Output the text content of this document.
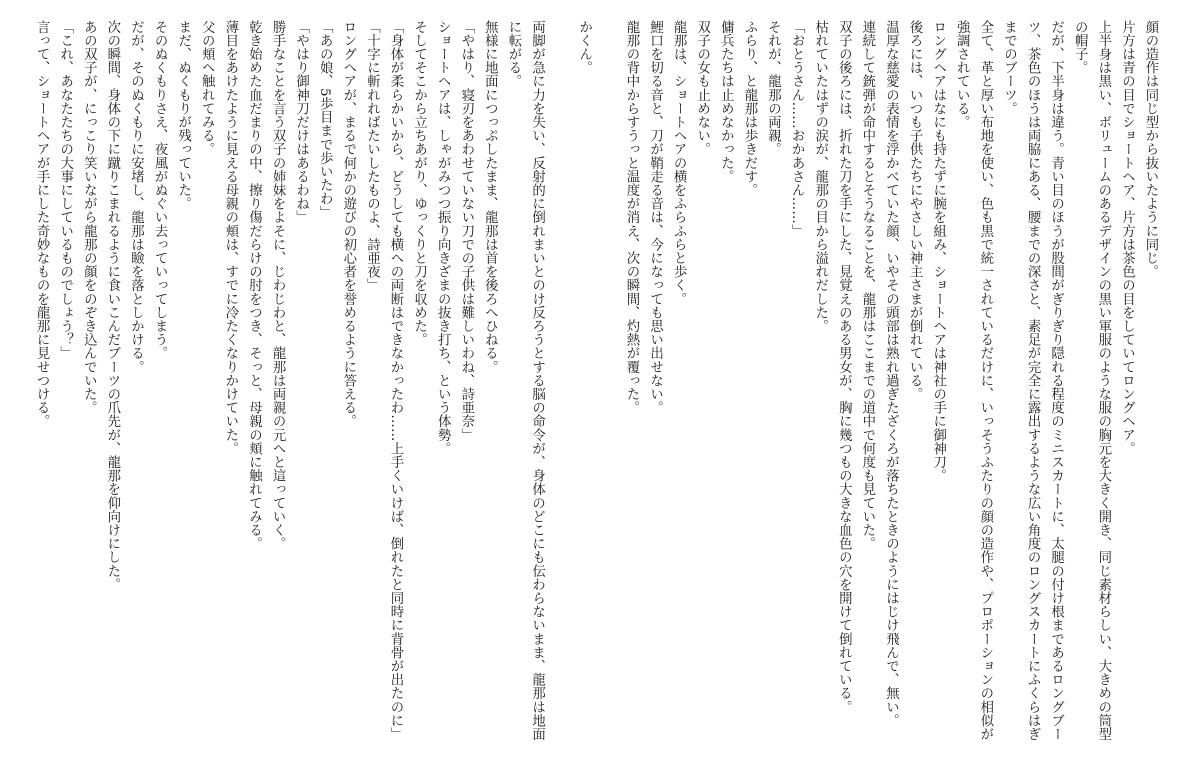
顔の造作は同じ型から抜いたように同じ。

片方は青の目でショートヘア、片方は茶色の目をしていてロングヘア。

上半身は黒い、ボリュームのあるデザインの黒い軍服のような服の胸元を大きく開き、同じ素材らしい、大きめの筒型の帽子。

だが、下半身は違う。青い目のほうが股間がぎりぎり隠れる程度のミニスカートに、太腿の付け根まであるロングブーツ、茶色のほうは両脇にある、腰までの深さと、素足が完全に露出するような広い角度のロングスカートにふくらはぎまでのブーツ。

全て、革と厚い布地を使い、色も黒で統一されているだけに、いっそうふたりの顔の造作や、プロポーションの相似が強調されている。

ロングヘアはなにも持たずに腕を組み、ショートヘアは神社の手に御神刀。

後ろには、いつも子供たちにやさしい神主さまが倒れている。

温厚な慈愛の表情を浮かべていた顔、いやその頭部は熟れ過ぎたざくろが落ちたときのようにはじけ飛んで、無い。

連続して銃弾が命中するとそうなることを、龍那はここまでの道中で何度も見ていた。

双子の後ろには、折れた刀を手にした、見覚えのある男女が、胸に幾つもの大きな血色の穴を開けて倒れている。

枯れていたはずの涙が、龍那の目から溢れだした。

「おとうさん……おかあさん……」

それが、龍那の両親。

ふらり、と龍那は歩きだす。

傭兵たちは止めなかった。

双子の女も止めない。

龍那は、ショートヘアの横をふらふらと歩く。

鯉口を切る音と、刀が鞘走る音は、今になっても思い出せない。

龍那の背中からすうっと温度が消え、次の瞬間、灼熱が覆った。

かくん。

両脚が急に力を失い、反射的に倒れまいとのけ反ろうとする脳の命令が、身体のどこにも伝わらないまま、龍那は地面に転がる。

無様に地面につっぷしたまま、龍那は首を後ろへひねる。

「やはり、寝刃をあわせていない刀での子供は難しいわね、詩亜奈」

ショートヘアは、しゃがみつつ振り向きざまの抜き打ち、という体勢。

そしてそこから立ちあがり、ゆっくりと刀を収めた。

「身体が柔らかいから、どうしても横への両断はできなかったわ……上手くいけば、倒れたと同時に背骨が出たのに」

「十字に斬れればたいしたものよ、詩亜夜」

ロングヘアが、まるで何かの遊びの初心者を誉めるように答える。

「あの娘、5歩目まで歩いたわ」

「やはり御神刀だけはあるわね」

勝手なことを言う双子の姉妹をよそに、じわじわと、龍那は両親の元へと這っていく。

乾き始めた血だまりの中、擦り傷だらけの肘をつき、そっと、母親の頬に触れてみる。

薄目をあけたように見える母親の頬は、すでに冷たくなりかけていた。

父の頬へ触れてみる。

まだ、ぬくもりが残っていた。

そのぬくもりさえ、夜風がぬぐい去っていってしまう。

だが、そのぬくもりに安堵し、龍那は瞼を落としかける。

次の瞬間、身体の下に蹴りこまれるように食いこんだブーツの爪先が、龍那を仰向けにした。

あの双子が、にっこり笑いながら龍那の顔をのぞき込んでいた。

「これ、あなたたちの大事にしているものでしょう？」

言って、ショートヘアが手にした奇妙なものを龍那に見せつける。
